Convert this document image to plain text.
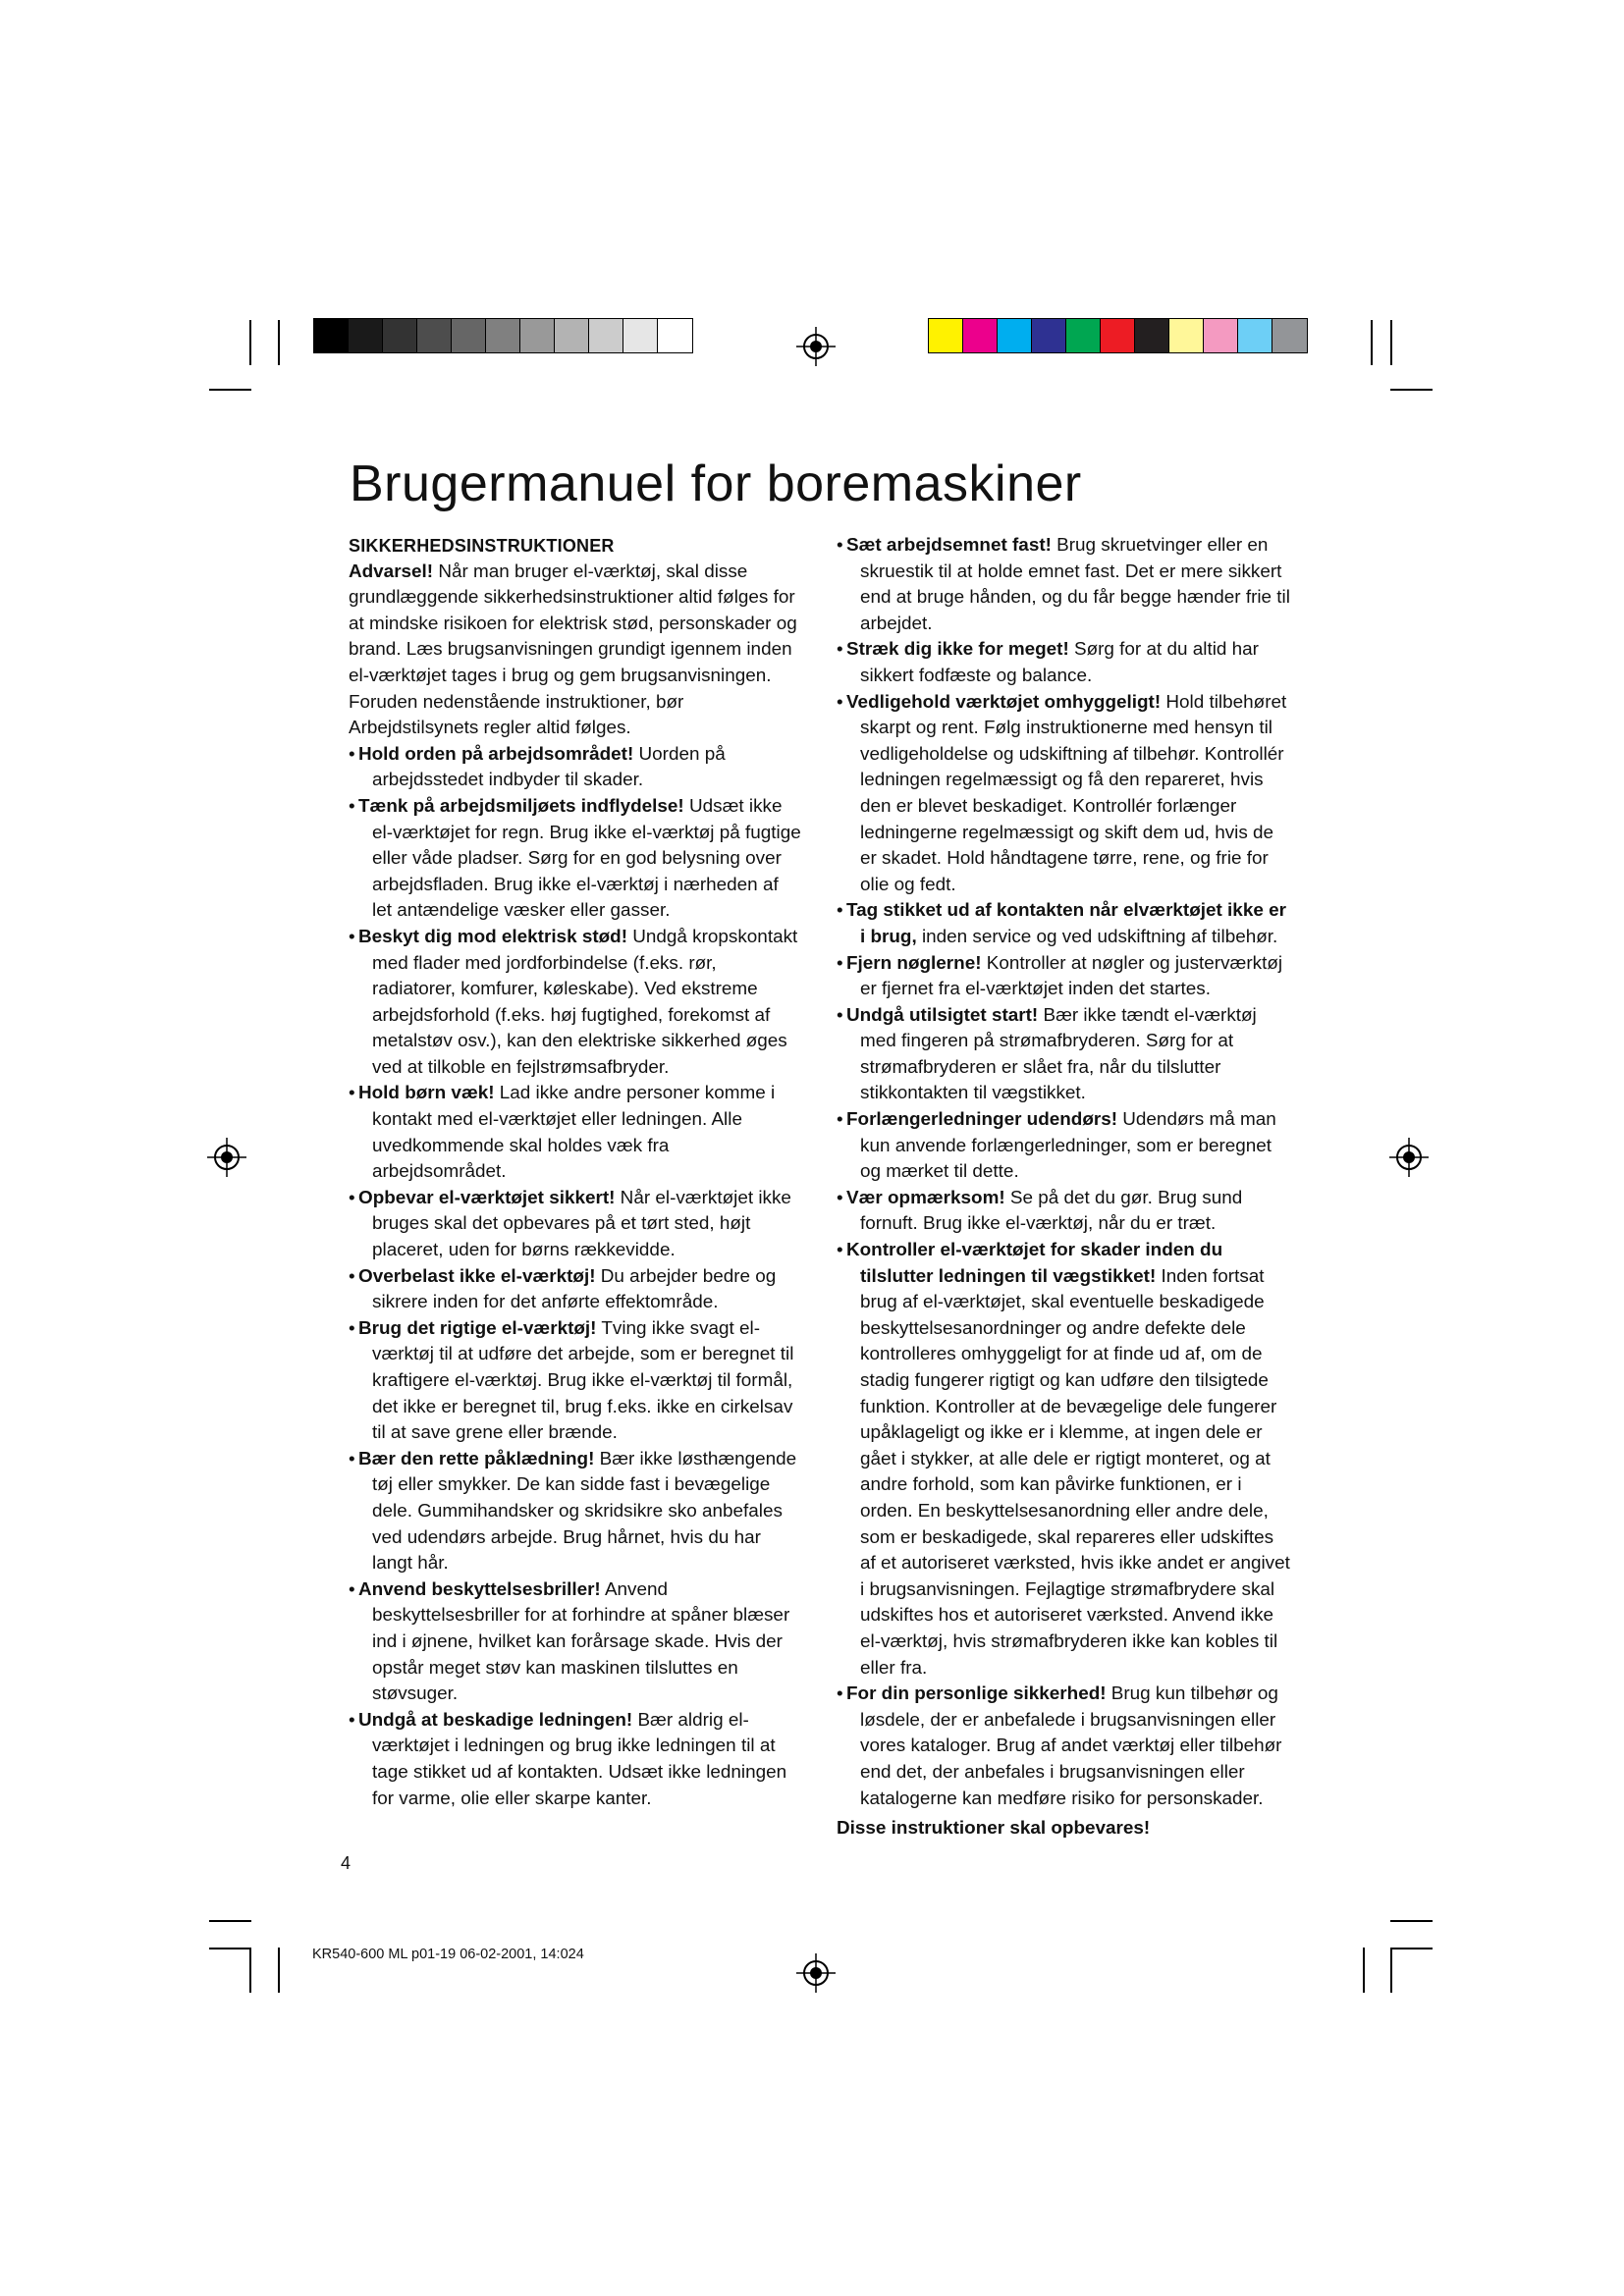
Brugermanuel for boremaskiner
SIKKERHEDSINSTRUKTIONER

Advarsel! Når man bruger el-værktøj, skal disse grundlæggende sikkerhedsinstruktioner altid følges for at mindske risikoen for elektrisk stød, personskader og brand. Læs brugsanvisningen grundigt igennem inden el-værktøjet tages i brug og gem brugsanvisningen.

Foruden nedenstående instruktioner, bør Arbejdstilsynets regler altid følges.

• Hold orden på arbejdsområdet! Uorden på arbejdsstedet indbyder til skader.

• Tænk på arbejdsmiljøets indflydelse! Udsæt ikke el-værktøjet for regn. Brug ikke el-værktøj på fugtige eller våde pladser. Sørg for en god belysning over arbejdsfladen. Brug ikke el-værktøj i nærheden af let antændelige væsker eller gasser.

• Beskyt dig mod elektrisk stød! Undgå kropskontakt med flader med jordforbindelse (f.eks. rør, radiatorer, komfurer, køleskabe). Ved ekstreme arbejdsforhold (f.eks. høj fugtighed, forekomst af metalstøv osv.), kan den elektriske sikkerhed øges ved at tilkoble en fejlstrømsafbryder.

• Hold børn væk! Lad ikke andre personer komme i kontakt med el-værktøjet eller ledningen. Alle uvedkommende skal holdes væk fra arbejdsområdet.

• Opbevar el-værktøjet sikkert! Når el-værktøjet ikke bruges skal det opbevares på et tørt sted, højt placeret, uden for børns rækkevidde.

• Overbelast ikke el-værktøj! Du arbejder bedre og sikrere inden for det anførte effektområde.

• Brug det rigtige el-værktøj! Tving ikke svagt el-værktøj til at udføre det arbejde, som er beregnet til kraftigere el-værktøj. Brug ikke el-værktøj til formål, det ikke er beregnet til, brug f.eks. ikke en cirkelsav til at save grene eller brænde.

• Bær den rette påklædning! Bær ikke løsthængende tøj eller smykker. De kan sidde fast i bevægelige dele. Gummihandsker og skridsikre sko anbefales ved udendørs arbejde. Brug hårnet, hvis du har langt hår.

• Anvend beskyttelsesbriller! Anvend beskyttelsesbriller for at forhindre at spåner blæser ind i øjnene, hvilket kan forårsage skade. Hvis der opstår meget støv kan maskinen tilsluttes en støvsuger.

• Undgå at beskadige ledningen! Bær aldrig el-værktøjet i ledningen og brug ikke ledningen til at tage stikket ud af kontakten. Udsæt ikke ledningen for varme, olie eller skarpe kanter.

• Sæt arbejdsemnet fast! Brug skruetvinger eller en skruestik til at holde emnet fast. Det er mere sikkert end at bruge hånden, og du får begge hænder frie til arbejdet.

• Stræk dig ikke for meget! Sørg for at du altid har sikkert fodfæste og balance.

• Vedligehold værktøjet omhyggeligt! Hold tilbehøret skarpt og rent. Følg instruktionerne med hensyn til vedligeholdelse og udskiftning af tilbehør. Kontrollér ledningen regelmæssigt og få den repareret, hvis den er blevet beskadiget. Kontrollér forlænger ledningerne regelmæssigt og skift dem ud, hvis de er skadet. Hold håndtagene tørre, rene, og frie for olie og fedt.

• Tag stikket ud af kontakten når elværktøjet ikke er i brug, inden service og ved udskiftning af tilbehør.

• Fjern nøglerne! Kontroller at nøgler og justerværktøj er fjernet fra el-værktøjet inden det startes.

• Undgå utilsigtet start! Bær ikke tændt el-værktøj med fingeren på strømafbryderen. Sørg for at strømafbryderen er slået fra, når du tilslutter stikkontakten til vægstikket.

• Forlængerledninger udendørs! Udendørs må man kun anvende forlængerledninger, som er beregnet og mærket til dette.

• Vær opmærksom! Se på det du gør. Brug sund fornuft. Brug ikke el-værktøj, når du er træt.

• Kontroller el-værktøjet for skader inden du tilslutter ledningen til vægstikket! Inden fortsat brug af el-værktøjet, skal eventuelle beskadigede beskyttelsesanordninger og andre defekte dele kontrolleres omhyggeligt for at finde ud af, om de stadig fungerer rigtigt og kan udføre den tilsigtede funktion. Kontroller at de bevægelige dele fungerer upåklageligt og ikke er i klemme, at ingen dele er gået i stykker, at alle dele er rigtigt monteret, og at andre forhold, som kan påvirke funktionen, er i orden. En beskyttelsesanordning eller andre dele, som er beskadigede, skal repareres eller udskiftes af et autoriseret værksted, hvis ikke andet er angivet i brugsanvisningen. Fejlagtige strømafbrydere skal udskiftes hos et autoriseret værksted. Anvend ikke el-værktøj, hvis strømafbryderen ikke kan kobles til eller fra.

• For din personlige sikkerhed! Brug kun tilbehør og løsdele, der er anbefalede i brugsanvisningen eller vores kataloger. Brug af andet værktøj eller tilbehør end det, der anbefales i brugsanvisningen eller katalogerne kan medføre risiko for personskader.

Disse instruktioner skal opbevares!
4
KR540-600 ML p01-19 06-02-2001, 14:024
